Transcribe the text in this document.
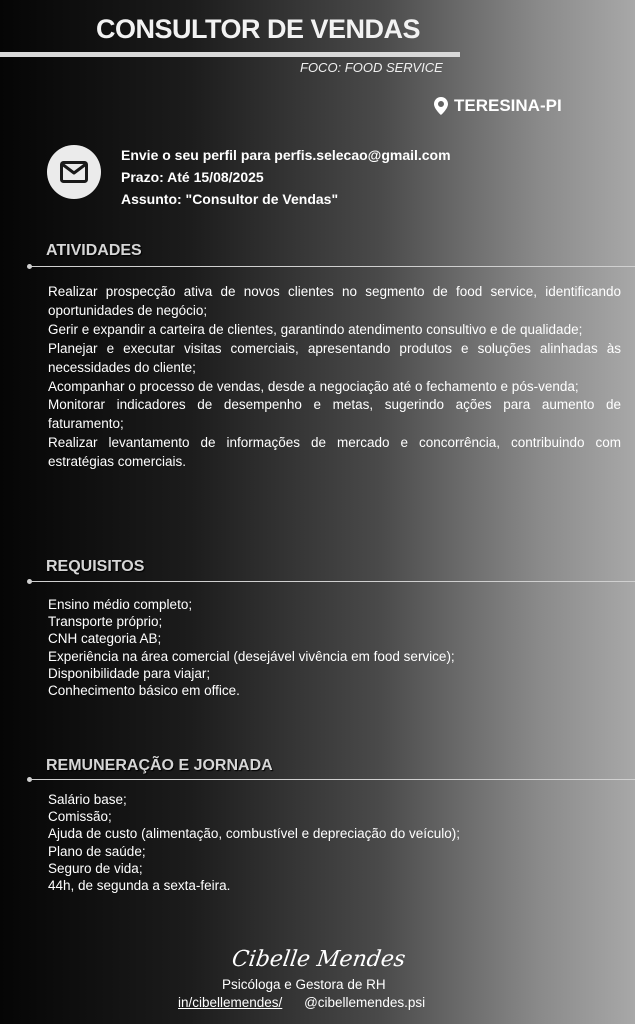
CONSULTOR DE VENDAS
FOCO: FOOD SERVICE
TERESINA-PI
Envie o seu perfil para perfis.selecao@gmail.com
Prazo: Até 15/08/2025
Assunto: "Consultor de Vendas"
ATIVIDADES
Realizar prospecção ativa de novos clientes no segmento de food service, identificando oportunidades de negócio;
Gerir e expandir a carteira de clientes, garantindo atendimento consultivo e de qualidade;
Planejar e executar visitas comerciais, apresentando produtos e soluções alinhadas às necessidades do cliente;
Acompanhar o processo de vendas, desde a negociação até o fechamento e pós-venda;
Monitorar indicadores de desempenho e metas, sugerindo ações para aumento de faturamento;
Realizar levantamento de informações de mercado e concorrência, contribuindo com estratégias comerciais.
REQUISITOS
Ensino médio completo;
Transporte próprio;
CNH categoria AB;
Experiência na área comercial (desejável vivência em food service);
Disponibilidade para viajar;
Conhecimento básico em office.
REMUNERAÇÃO E JORNADA
Salário base;
Comissão;
Ajuda de custo (alimentação, combustível e depreciação do veículo);
Plano de saúde;
Seguro de vida;
44h, de segunda a sexta-feira.
Cibelle Mendes
Psicóloga e Gestora de RH
in/cibellemendes/ @cibellemendes.psi
